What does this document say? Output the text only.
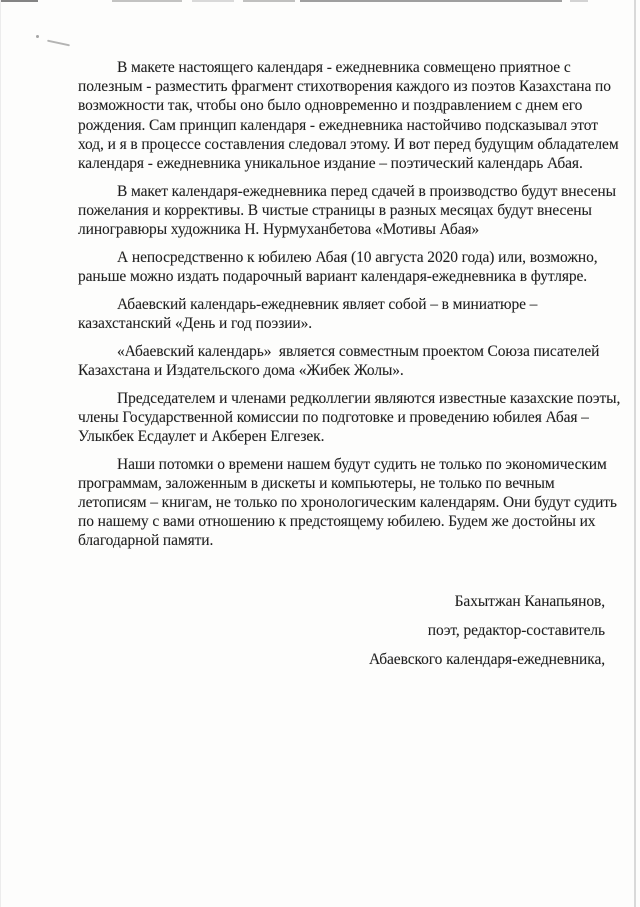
В макете настоящего календаря - ежедневника совмещено приятное с
полезным - разместить фрагмент стихотворения каждого из поэтов Казахстана по
возможности так, чтобы оно было одновременно и поздравлением с днем его
рождения. Сам принцип календаря - ежедневника настойчиво подсказывал этот
ход, и я в процессе составления следовал этому. И вот перед будущим обладателем
календаря - ежедневника уникальное издание – поэтический календарь Абая.
В макет календаря-ежедневника перед сдачей в производство будут внесены
пожелания и коррективы. В чистые страницы в разных месяцах будут внесены
линогравюры художника Н. Нурмуханбетова «Мотивы Абая»
А непосредственно к юбилею Абая (10 августа 2020 года) или, возможно,
раньше можно издать подарочный вариант календаря-ежедневника в футляре.
Абаевский календарь-ежедневник являет собой – в миниатюре –
казахстанский «День и год поэзии».
«Абаевский календарь»  является совместным проектом Союза писателей
Казахстана и Издательского дома «Жибек Жолы».
Председателем и членами редколлегии являются известные казахские поэты,
члены Государственной комиссии по подготовке и проведению юбилея Абая –
Улыкбек Есдаулет и Акберен Елгезек.
Наши потомки о времени нашем будут судить не только по экономическим
программам, заложенным в дискеты и компьютеры, не только по вечным
летописям – книгам, не только по хронологическим календарям. Они будут судить
по нашему с вами отношению к предстоящему юбилею. Будем же достойны их
благодарной памяти.
Бахытжан Канапьянов,
поэт, редактор-составитель
Абаевского календаря-ежедневника,
